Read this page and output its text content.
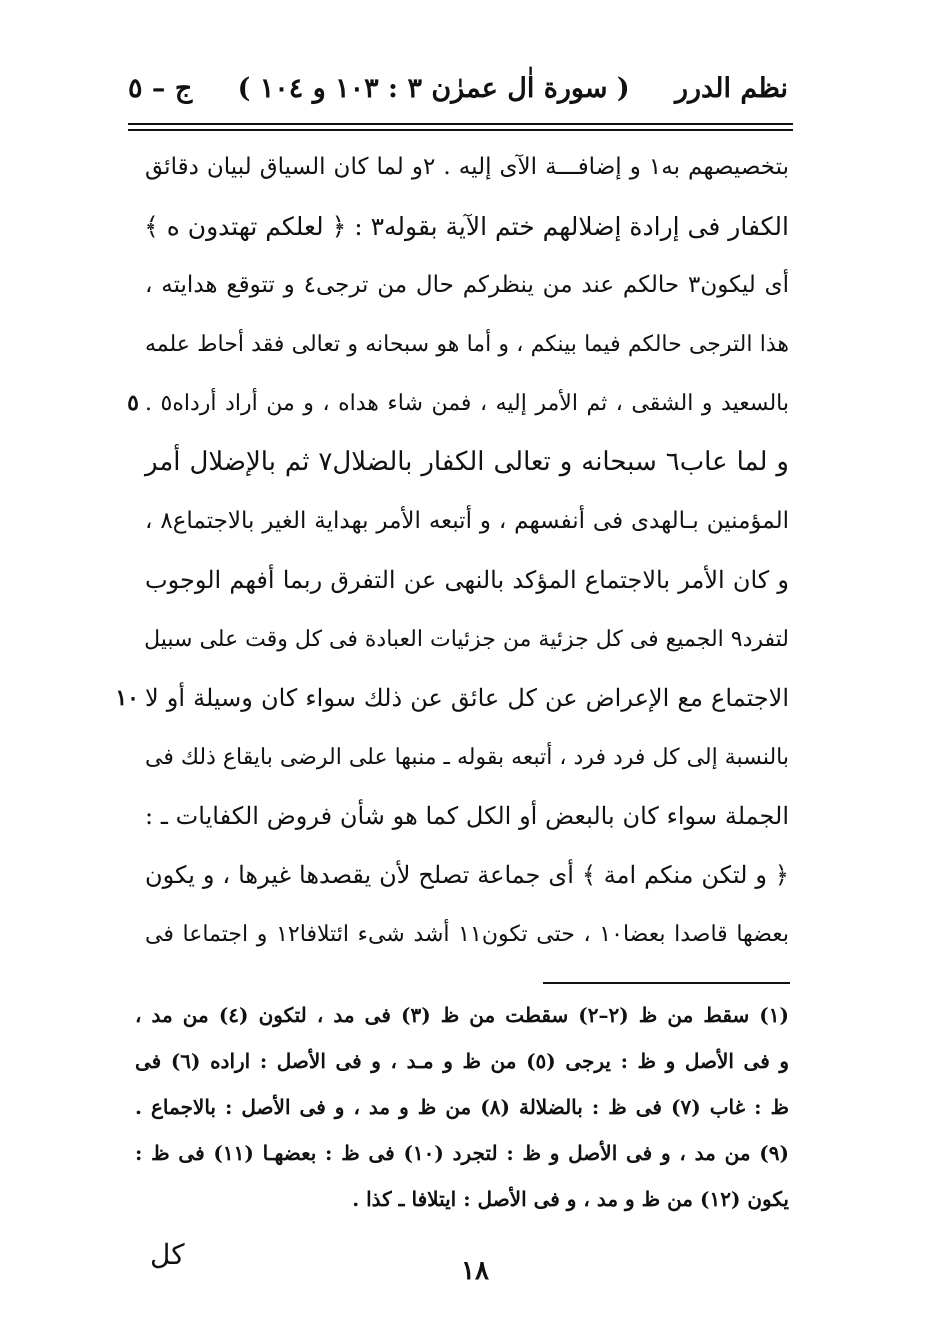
نظم الدرر
( سورة اٰل عمرٰن ٣ : ١٠٣ و ١٠٤ )
ج – ٥
بتخصيصهم به١ و إضافـــة الآى إليه . ٢و لما كان السياق لبيان دقائق
الكفار فى إرادة إضلالهم ختم الآية بقوله٣ : ﴿ لعلكم تهتدون ه ﴾
أى ليكون٣ حالكم عند من ينظركم حال من ترجى٤ و تتوقع هدايته ،
هذا الترجى حالكم فيما بينكم ، و أما هو سبحانه و تعالى فقد أحاط علمه
بالسعيد و الشقى ، ثم الأمر إليه ، فمن شاء هداه ، و من أراد أرداه٥ .
٥
و لما عاب٦ سبحانه و تعالى الكفار بالضلال٧ ثم بالإضلال أمر
المؤمنين بـالهدى فى أنفسهم ، و أتبعه الأمر بهداية الغير بالاجتماع٨ ،
و كان الأمر بالاجتماع المؤكد بالنهى عن التفرق ربما أفهم الوجوب
لتفرد٩ الجميع فى كل جزئية من جزئيات العبادة فى كل وقت على سبيل
الاجتماع مع الإعراض عن كل عائق عن ذلك سواء كان وسيلة أو لا
١٠
بالنسبة إلى كل فرد فرد ، أتبعه بقوله ـ منبها على الرضى بايقاع ذلك فى
الجملة سواء كان بالبعض أو الكل كما هو شأن فروض الكفايات ـ :
﴿ و لتكن منكم امة ﴾ أى جماعة تصلح لأن يقصدها غيرها ، و يكون
بعضها قاصدا بعضا١٠ ، حتى تكون١١ أشد شىء ائتلافا١٢ و اجتماعا فى
(١) سقط من ظ (٢–٢) سقطت من ظ (٣) فى مد ، لتكون (٤) من مد ، و فى الأصل و ظ : يرجى (٥) من ظ و مـد ، و فى الأصل : اراده (٦) فى ظ : غاب (٧) فى ظ : بالضلالة (٨) من ظ و مد ، و فى الأصل : بالاجماع . (٩) من مد ، و فى الأصل و ظ : لتجرد (١٠) فى ظ : بعضهـا (١١) فى ظ : يكون (١٢) من ظ و مد ، و فى الأصل : ايتلافا ـ كذا .
كل	١٨
